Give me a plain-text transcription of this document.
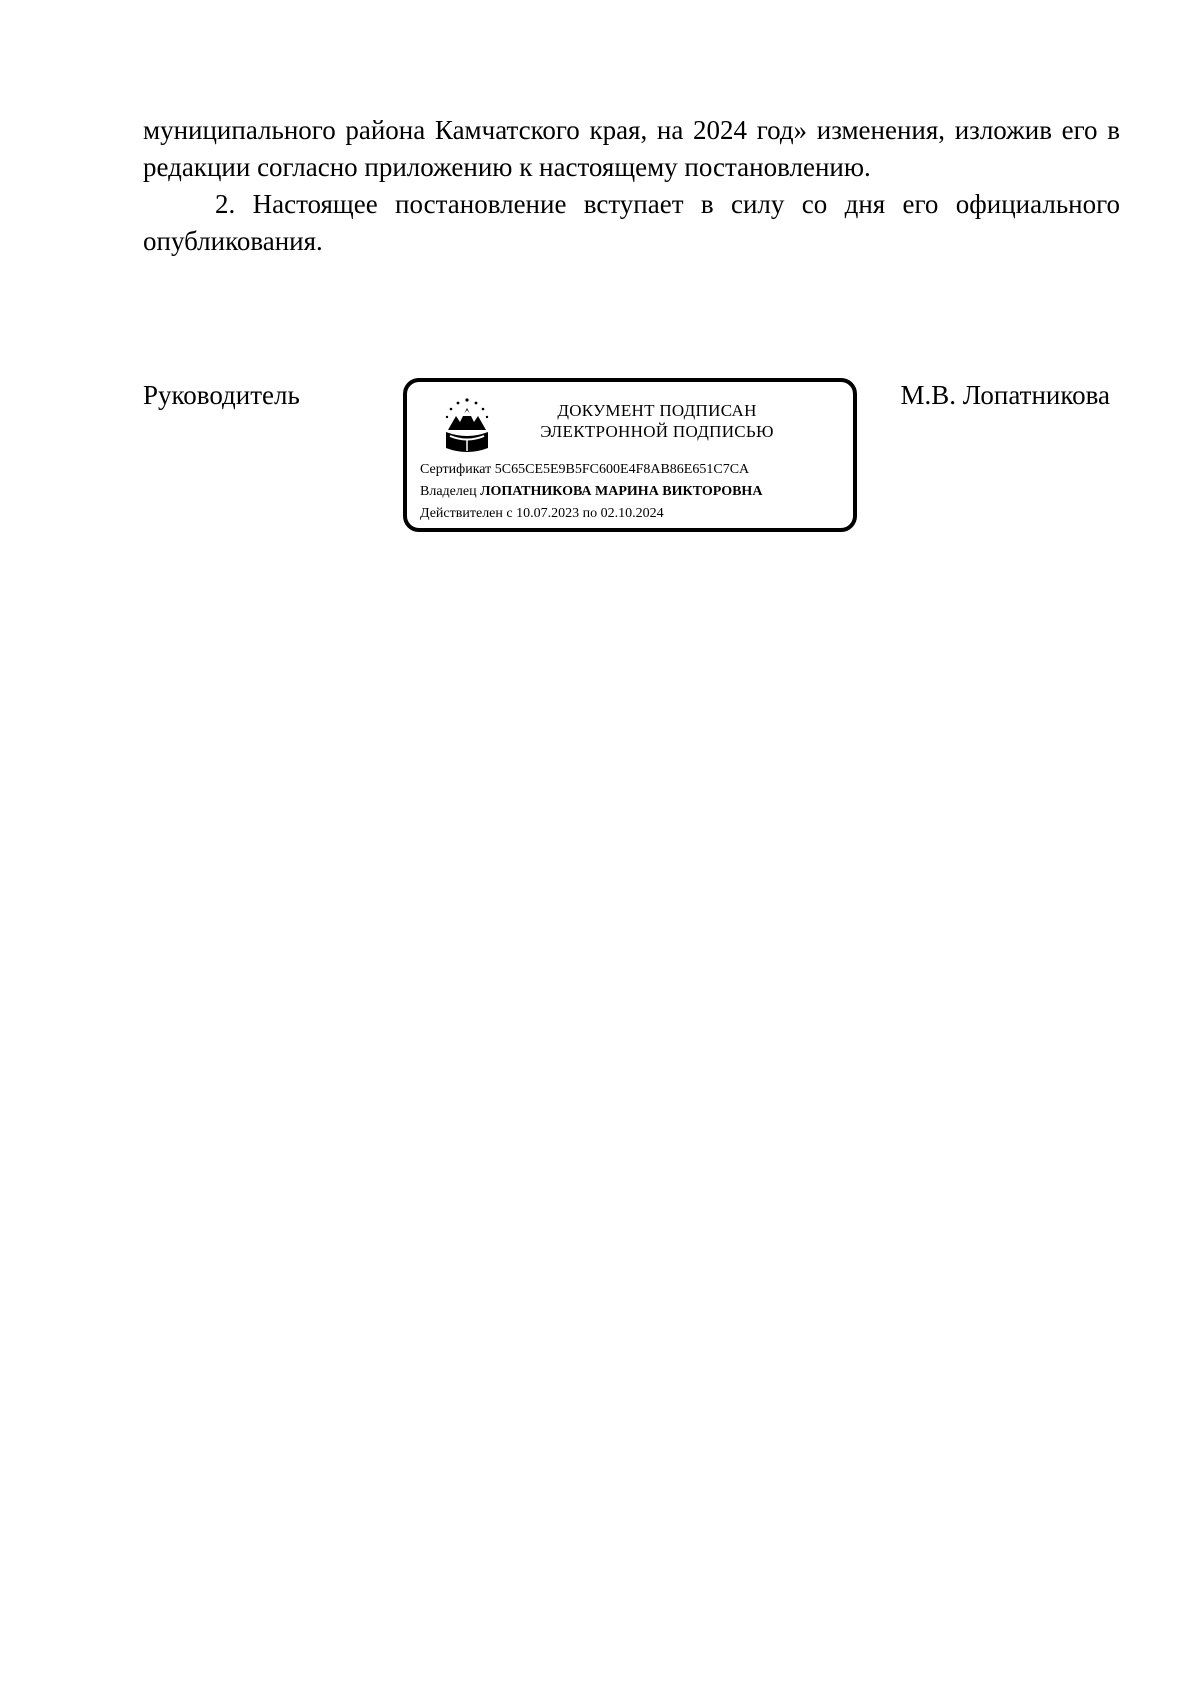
муниципального района Камчатского края, на 2024 год» изменения, изложив его в редакции согласно приложению к настоящему постановлению.

2. Настоящее постановление вступает в силу со дня его официального опубликования.

Руководитель
ДОКУМЕНТ ПОДПИСАН
ЭЛЕКТРОННОЙ ПОДПИСЬЮ
Сертификат 5C65CE5E9B5FC600E4F8AB86E651C7CA
Владелец ЛОПАТНИКОВА МАРИНА ВИКТОРОВНА
Действителен с 10.07.2023 по 02.10.2024
М.В. Лопатникова
